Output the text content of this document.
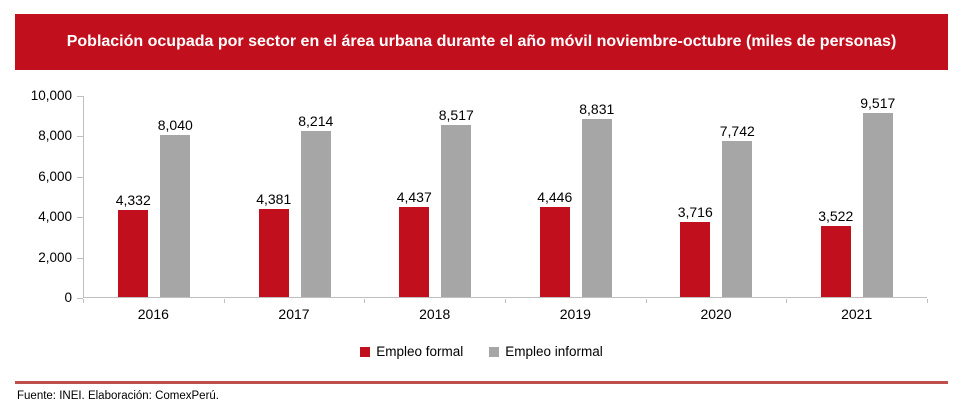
Población ocupada por sector en el área urbana durante el año móvil noviembre-octubre (miles de personas)
0
2,000
4,000
6,000
8,000
10,000
4,332
8,040
4,381
8,214
4,437
8,517
4,446
8,831
3,716
7,742
3,522
9,517
2016	2017	2018	2019	2020	2021
Empleo formal	Empleo informal
Fuente: INEI. Elaboración: ComexPerú.
